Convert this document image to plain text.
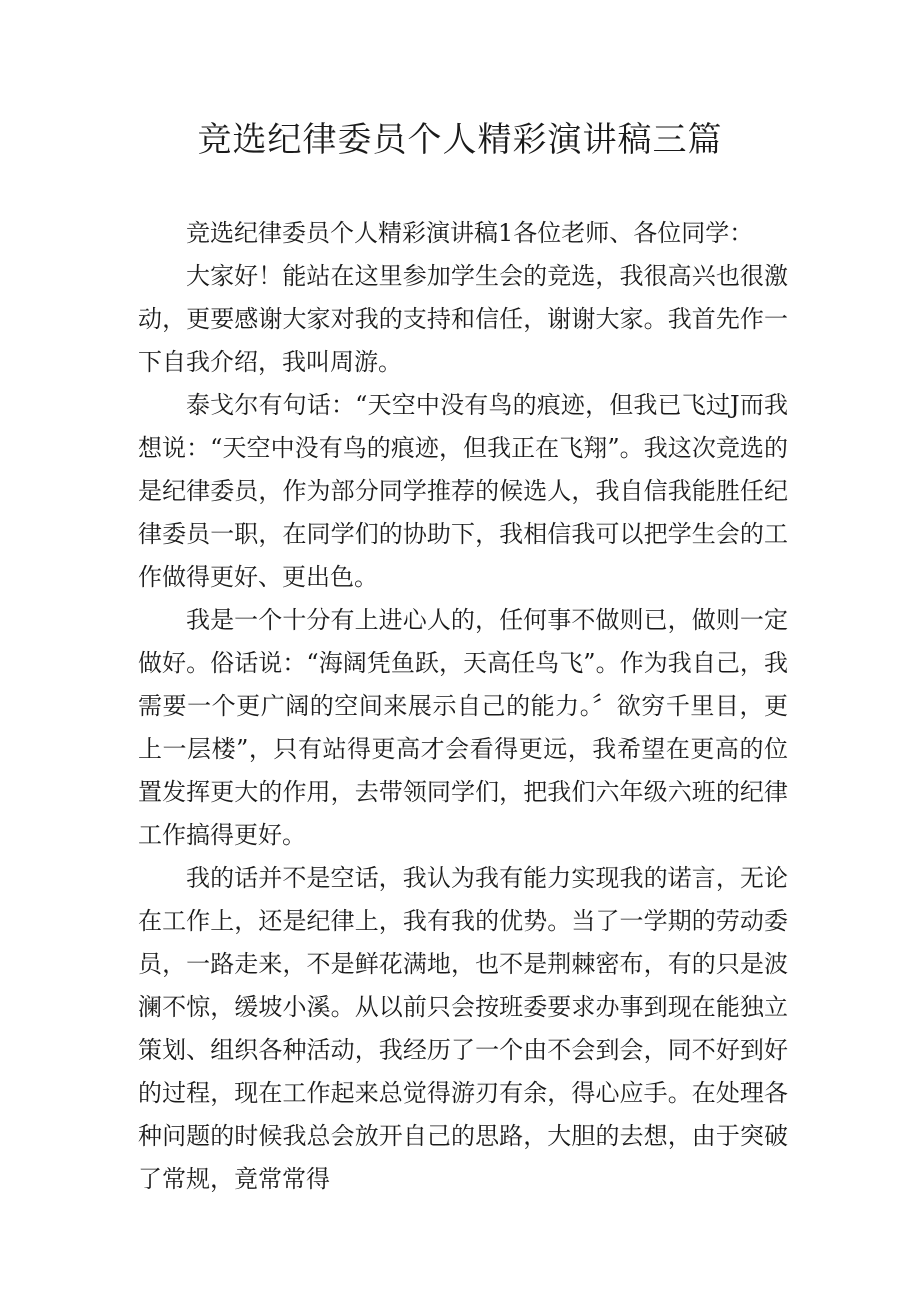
竞选纪律委员个人精彩演讲稿三篇

竞选纪律委员个人精彩演讲稿1各位老师、各位同学：

大家好！能站在这里参加学生会的竞选，我很高兴也很激动，更要感谢大家对我的支持和信任，谢谢大家。我首先作一下自我介绍，我叫周游。

泰戈尔有句话：“天空中没有鸟的痕迹，但我已飞过J而我想说：“天空中没有鸟的痕迹，但我正在飞翔”。我这次竞选的是纪律委员，作为部分同学推荐的候选人，我自信我能胜任纪律委员一职，在同学们的协助下，我相信我可以把学生会的工作做得更好、更出色。

我是一个十分有上进心人的，任何事不做则已，做则一定做好。俗话说：“海阔凭鱼跃，天高任鸟飞”。作为我自己，我需要一个更广阔的空间来展示自己的能力。〞欲穷千里目，更上一层楼”，只有站得更高才会看得更远，我希望在更高的位置发挥更大的作用，去带领同学们，把我们六年级六班的纪律工作搞得更好。

我的话并不是空话，我认为我有能力实现我的诺言，无论在工作上，还是纪律上，我有我的优势。当了一学期的劳动委员，一路走来，不是鲜花满地，也不是荆棘密布，有的只是波澜不惊，缓坡小溪。从以前只会按班委要求办事到现在能独立策划、组织各种活动，我经历了一个由不会到会，同不好到好的过程，现在工作起来总觉得游刃有余，得心应手。在处理各种问题的时候我总会放开自己的思路，大胆的去想，由于突破了常规，竟常常得
